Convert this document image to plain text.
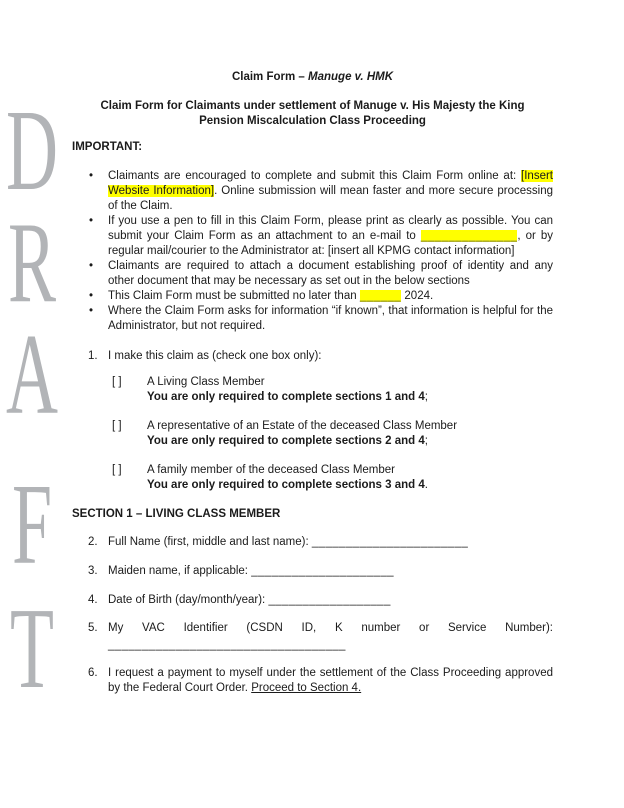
D
R
A
F
T
Claim Form – Manuge v. HMK
Claim Form for Claimants under settlement of Manuge v. His Majesty the King
Pension Miscalculation Class Proceeding
IMPORTANT:
•	Claimants are encouraged to complete and submit this Claim Form online at: [Insert Website Information]. Online submission will mean faster and more secure processing of the Claim.
•	If you use a pen to fill in this Claim Form, please print as clearly as possible. You can submit your Claim Form as an attachment to an e-mail to ______________, or by regular mail/courier to the Administrator at: [insert all KPMG contact information]
•	Claimants are required to attach a document establishing proof of identity and any other document that may be necessary as set out in the below sections
•	This Claim Form must be submitted no later than ______ 2024.
•	Where the Claim Form asks for information “if known”, that information is helpful for the Administrator, but not required.
1. I make this claim as (check one box only):
[ ]	A Living Class Member
You are only required to complete sections 1 and 4;
[ ]	A representative of an Estate of the deceased Class Member
You are only required to complete sections 2 and 4;
[ ]	A family member of the deceased Class Member
You are only required to complete sections 3 and 4.
SECTION 1 – LIVING CLASS MEMBER
2. Full Name (first, middle and last name): _______________________
3. Maiden name, if applicable: _____________________
4. Date of Birth (day/month/year): __________________
5. My VAC Identifier (CSDN ID, K number or Service Number):
___________________________________
6. I request a payment to myself under the settlement of the Class Proceeding approved by the Federal Court Order. Proceed to Section 4.
